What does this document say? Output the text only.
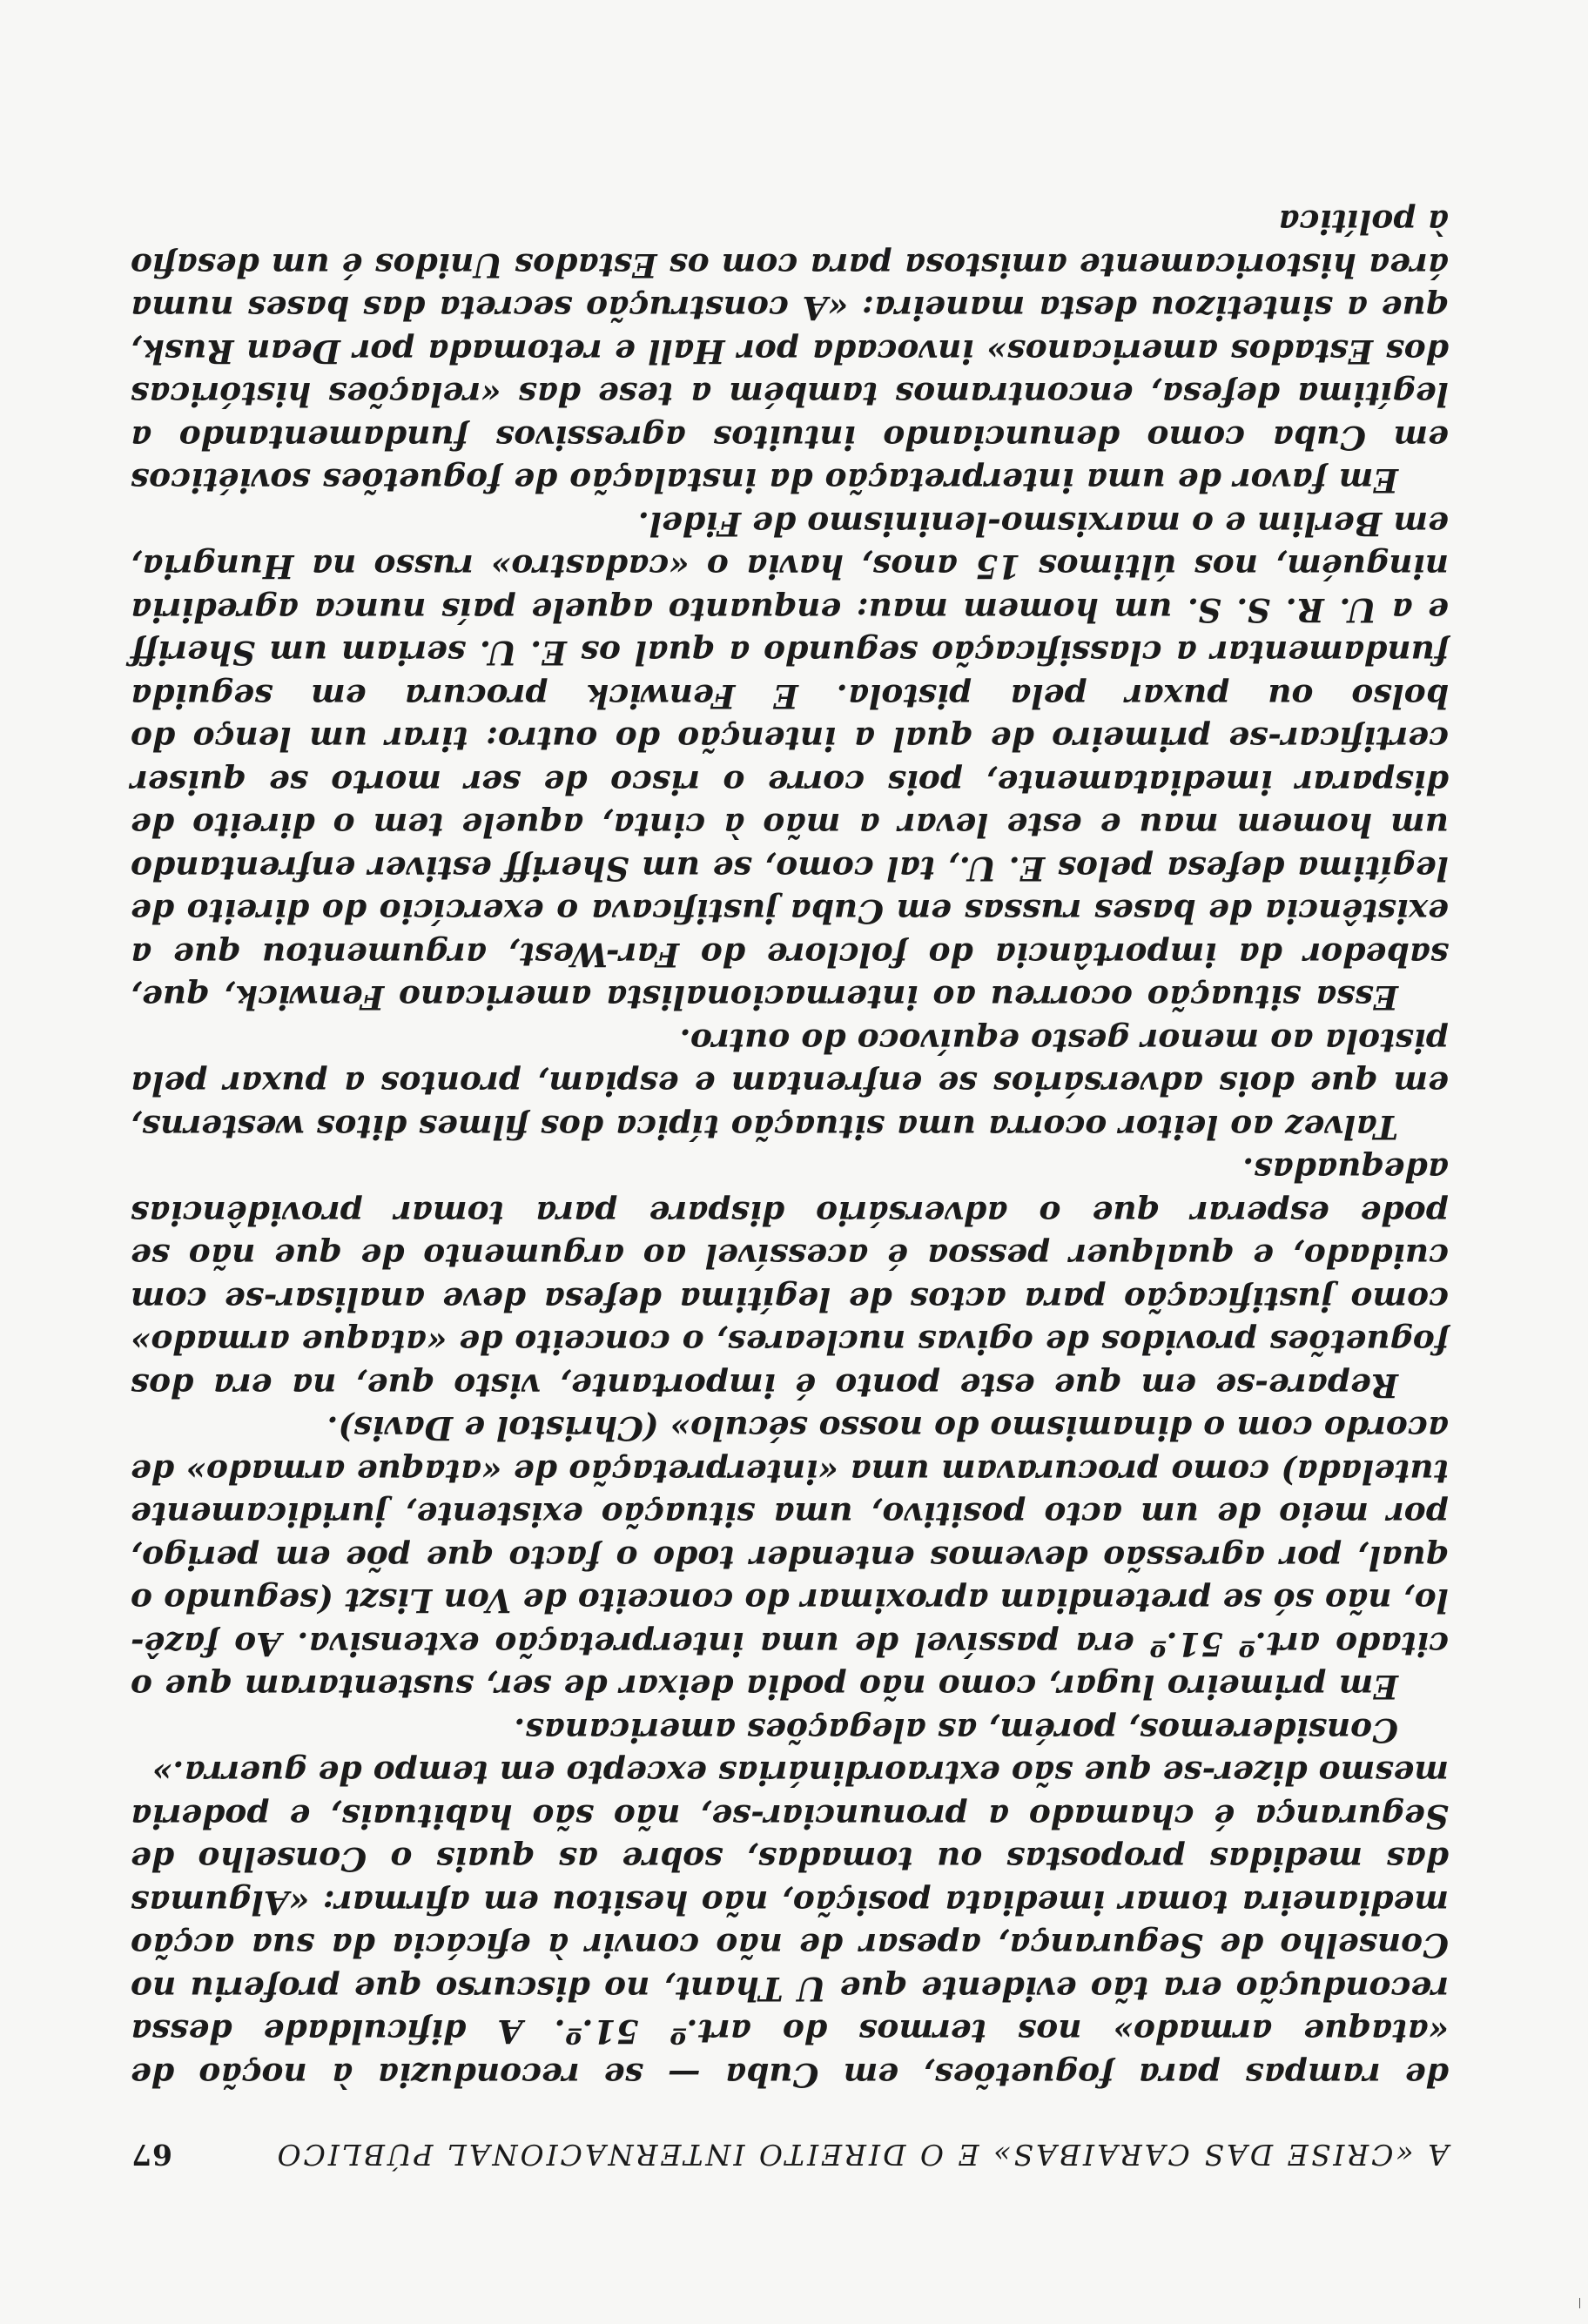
A «CRISE DAS CARAIBAS» E O DIREITO INTERNACIONAL PÚBLICO
67

de rampas para foguetões, em Cuba — se reconduzia à noção de «ataque armado» nos termos do art.º 51.º. A dificuldade dessa recondução era tão evidente que U Thant, no discurso que proferiu no Conselho de Segurança, apesar de não convir à eficácia da sua acção medianeira tomar imediata posição, não hesitou em afirmar: «Algumas das medidas propostas ou tomadas, sobre as quais o Conselho de Segurança é chamado a pronunciar-se, não são habituais, e poderia mesmo dizer-se que são extraordinárias excepto em tempo de guerra.»

Consideremos, porém, as alegações americanas.

Em primeiro lugar, como não podia deixar de ser, sustentaram que o citado art.º 51.º era passível de uma interpretação extensiva. Ao fazê-lo, não só se pretendiam aproximar do conceito de Von Liszt (segundo o qual, por agressão devemos entender todo o facto que põe em perigo, por meio de um acto positivo, uma situação existente, juridicamente tutelada) como procuravam uma «interpretação de «ataque armado» de acordo com o dinamismo do nosso século» (Christol e Davis).

Repare-se em que este ponto é importante, visto que, na era dos foguetões providos de ogivas nucleares, o conceito de «ataque armado» como justificação para actos de legítima defesa deve analisar-se com cuidado, e qualquer pessoa é acessível ao argumento de que não se pode esperar que o adversário dispare para tomar providências adequadas.

Talvez ao leitor ocorra uma situação típica dos filmes ditos westerns, em que dois adversários se enfrentam e espiam, prontos a puxar pela pistola ao menor gesto equívoco do outro.

Essa situação ocorreu ao internacionalista americano Fenwick, que, sabedor da importância do folclore do Far-West, argumentou que a existência de bases russas em Cuba justificava o exercício do direito de legítima defesa pelos E. U., tal como, se um Sheriff estiver enfrentando um homem mau e este levar a mão à cinta, aquele tem o direito de disparar imediatamente, pois corre o risco de ser morto se quiser certificar-se primeiro de qual a intenção do outro: tirar um lenço do bolso ou puxar pela pistola. E Fenwick procura em seguida fundamentar a classificação segundo a qual os E. U. seriam um Sheriff e a U. R. S. S. um homem mau: enquanto aquele país nunca agrediria ninguém, nos últimos 15 anos, havia o «cadastro» russo na Hungria, em Berlim e o marxismo-leninismo de Fidel.

Em favor de uma interpretação da instalação de foguetões soviéticos em Cuba como denunciando intuitos agressivos fundamentando a legítima defesa, encontramos também a tese das «relações históricas dos Estados americanos» invocada por Hall e retomada por Dean Rusk, que a sintetizou desta maneira: «A construção secreta das bases numa área historicamente amistosa para com os Estados Unidos é um desafio à política
